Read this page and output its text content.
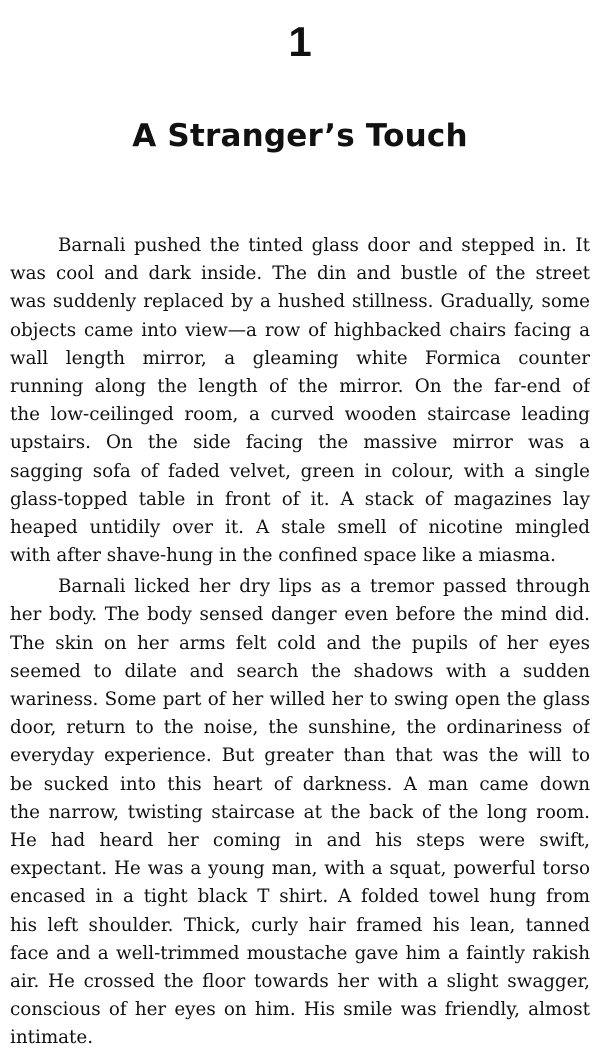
1
A Stranger’s Touch
Barnali pushed the tinted glass door and stepped in. It
was cool and dark inside. The din and bustle of the street
was suddenly replaced by a hushed stillness. Gradually, some
objects came into view—a row of highbacked chairs facing a
wall length mirror, a gleaming white Formica counter
running along the length of the mirror. On the far-end of
the low-ceilinged room, a curved wooden staircase leading
upstairs. On the side facing the massive mirror was a
sagging sofa of faded velvet, green in colour, with a single
glass-topped table in front of it. A stack of magazines lay
heaped untidily over it. A stale smell of nicotine mingled
with after shave-hung in the confined space like a miasma.
Barnali licked her dry lips as a tremor passed through
her body. The body sensed danger even before the mind did.
The skin on her arms felt cold and the pupils of her eyes
seemed to dilate and search the shadows with a sudden
wariness. Some part of her willed her to swing open the glass
door, return to the noise, the sunshine, the ordinariness of
everyday experience. But greater than that was the will to
be sucked into this heart of darkness. A man came down
the narrow, twisting staircase at the back of the long room.
He had heard her coming in and his steps were swift,
expectant. He was a young man, with a squat, powerful torso
encased in a tight black T shirt. A folded towel hung from
his left shoulder. Thick, curly hair framed his lean, tanned
face and a well-trimmed moustache gave him a faintly rakish
air. He crossed the floor towards her with a slight swagger,
conscious of her eyes on him. His smile was friendly, almost
intimate.
